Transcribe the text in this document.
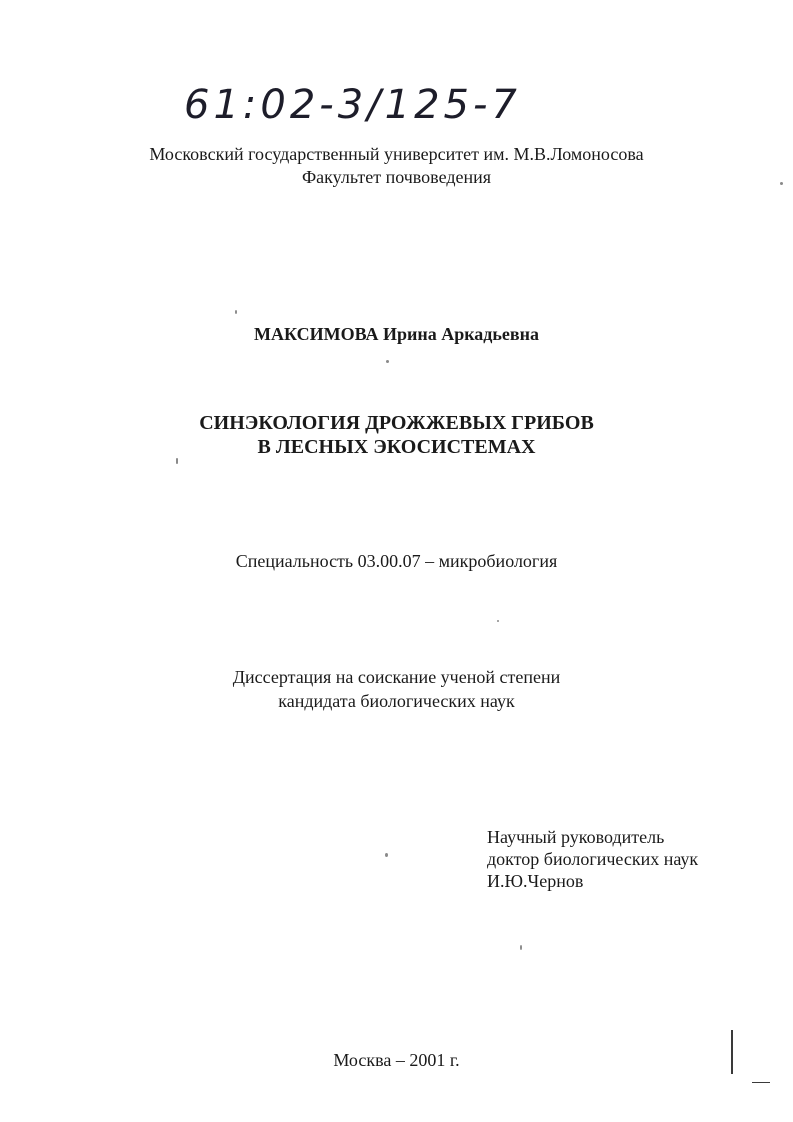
61:02-3/125-7
Московский государственный университет им. М.В.Ломоносова
Факультет почвоведения
МАКСИМОВА Ирина Аркадьевна
СИНЭКОЛОГИЯ ДРОЖЖЕВЫХ ГРИБОВ
В ЛЕСНЫХ ЭКОСИСТЕМАХ
Специальность 03.00.07 – микробиология
Диссертация на соискание ученой степени
кандидата биологических наук
Научный руководитель
доктор биологических наук
И.Ю.Чернов
Москва – 2001 г.
